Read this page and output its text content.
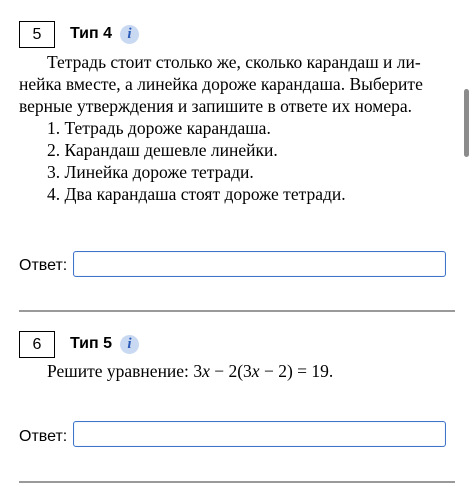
5	Тип 4	i
Тетрадь стоит столько же, сколько карандаш и ли-
нейка вместе, а линейка дороже карандаша. Выберите
верные утверждения и запишите в ответе их номера.
1. Тетрадь дороже карандаша.
2. Карандаш дешевле линейки.
3. Линейка дороже тетради.
4. Два карандаша стоят дороже тетради.
Ответ:
6	Тип 5	i
Решите уравнение: 3x − 2(3x − 2) = 19.
Ответ:
